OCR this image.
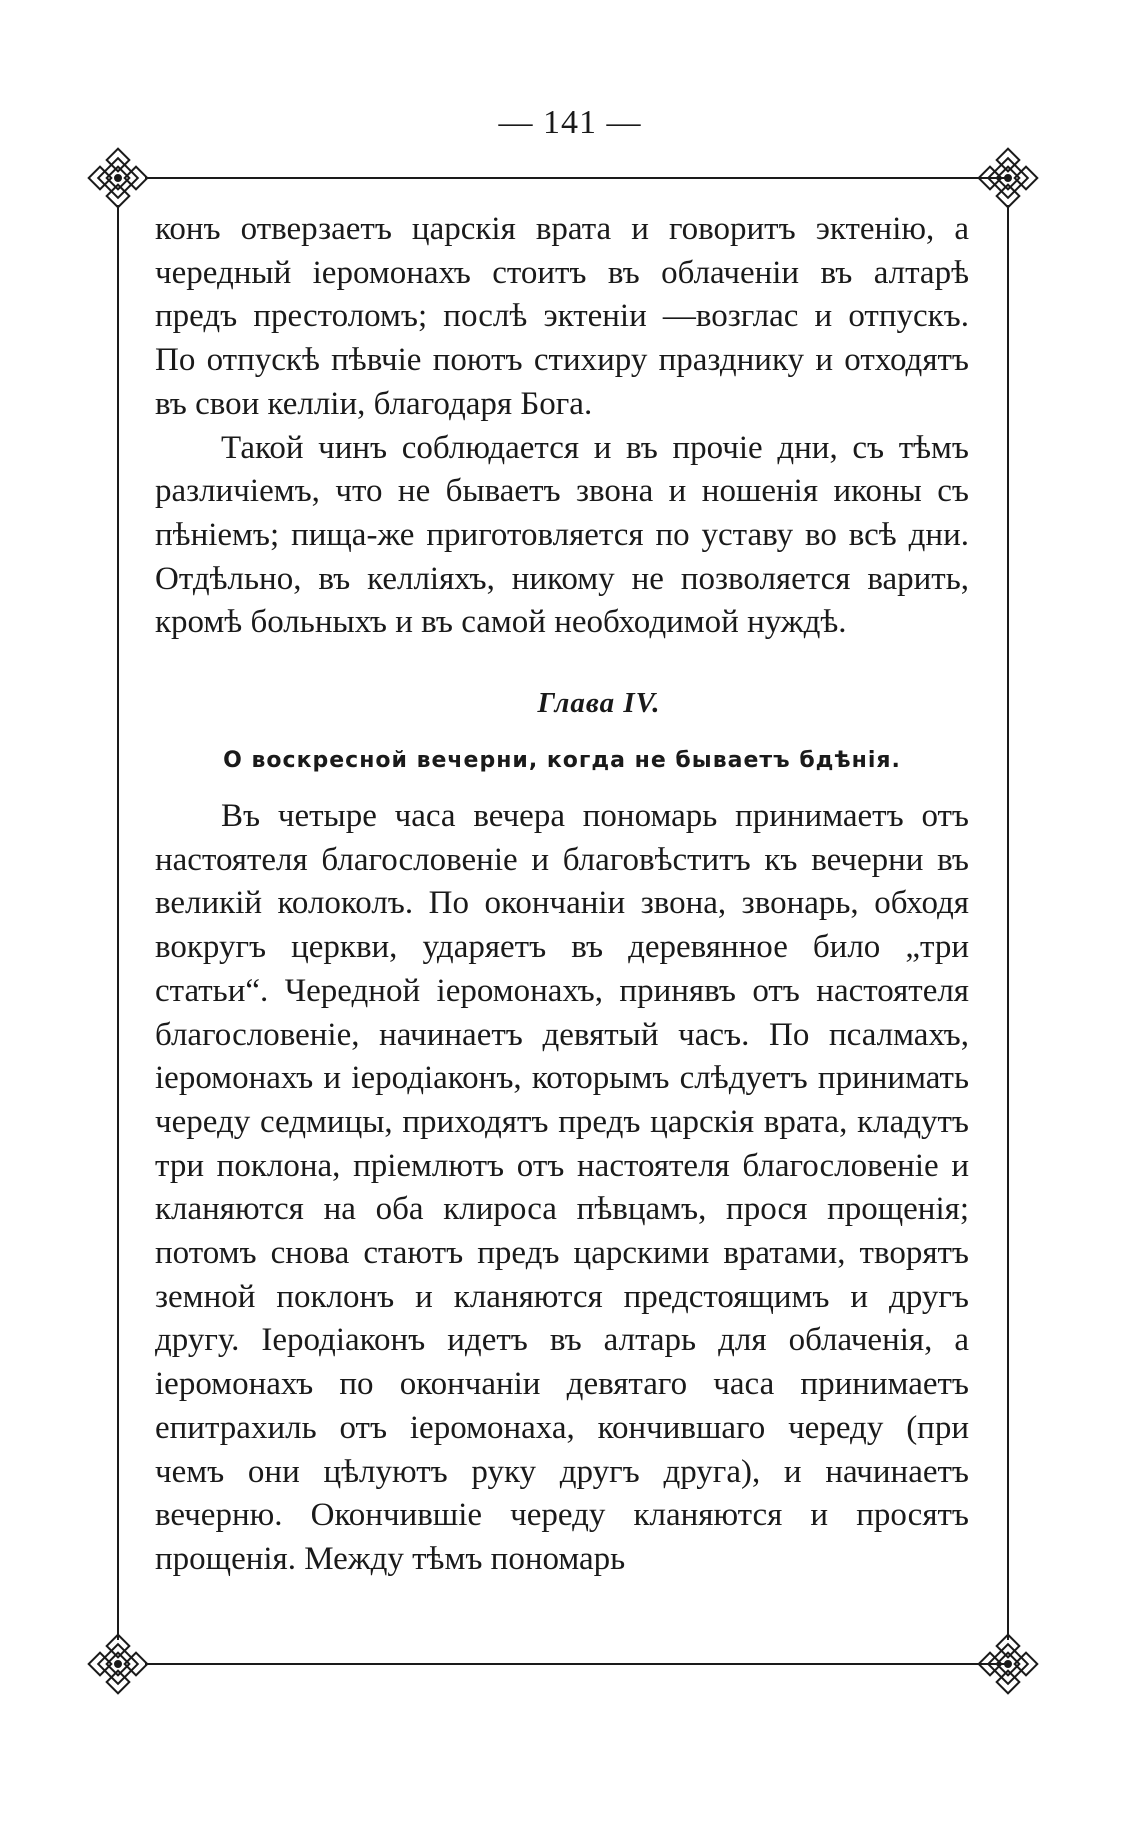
— 141 —

конъ отверзаетъ царскія врата и говоритъ эктенію, а чередный іеромонахъ стоитъ въ облаченіи въ алтарѣ предъ престоломъ; послѣ эктеніи —возглас и отпускъ. По отпускѣ пѣвчіе поютъ стихиру празднику и отходятъ въ свои келліи, благодаря Бога.

Такой чинъ соблюдается и въ прочіе дни, съ тѣмъ различіемъ, что не бываетъ звона и ношенія иконы съ пѣніемъ; пища-же приготовляется по уставу во всѣ дни. Отдѣльно, въ келліяхъ, никому не позволяется варить, кромѣ больныхъ и въ самой необходимой нуждѣ.

Глава IV.
О воскресной вечерни, когда не бываетъ бдѣнія.

Въ четыре часа вечера пономарь принимаетъ отъ настоятеля благословеніе и благовѣститъ къ вечерни въ великій колоколъ. По окончаніи звона, звонарь, обходя вокругъ церкви, ударяетъ въ деревянное било „три статьи“. Чередной іеромонахъ, принявъ отъ настоятеля благословеніе, начинаетъ девятый часъ. По псалмахъ, іеромонахъ и іеродіаконъ, которымъ слѣдуетъ принимать череду седмицы, приходятъ предъ царскія врата, кладутъ три поклона, пріемлютъ отъ настоятеля благословеніе и кланяются на оба клироса пѣвцамъ, прося прощенія; потомъ снова стаютъ предъ царскими вратами, творятъ земной поклонъ и кланяются предстоящимъ и другъ другу. Іеродіаконъ идетъ въ алтарь для облаченія, а іеромонахъ по окончаніи девятаго часа принимаетъ епитрахиль отъ іеромонаха, кончившаго череду (при чемъ они цѣлуютъ руку другъ друга), и начинаетъ вечерню. Окончившіе череду кланяются и просятъ прощенія. Между тѣмъ пономарь
